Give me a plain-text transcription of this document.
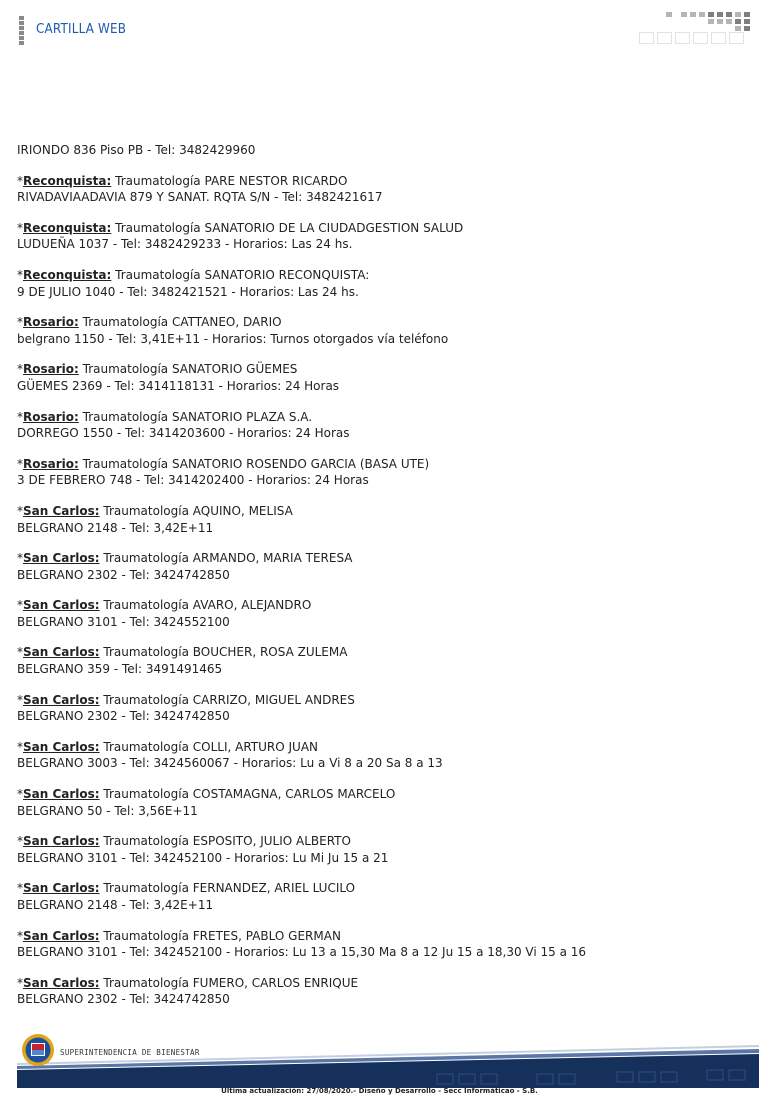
CARTILLA WEB
IRIONDO 836 Piso PB - Tel: 3482429960
*Reconquista: Traumatología PARE NESTOR RICARDO
RIVADAVIAADAVIA 879 Y SANAT. RQTA S/N - Tel: 3482421617
*Reconquista: Traumatología SANATORIO DE LA CIUDADGESTION SALUD
LUDUEÑA 1037 - Tel: 3482429233 - Horarios: Las 24 hs.
*Reconquista: Traumatología SANATORIO RECONQUISTA:
9 DE JULIO 1040 - Tel: 3482421521 - Horarios: Las 24 hs.
*Rosario: Traumatología CATTANEO, DARIO
belgrano 1150 - Tel: 3,41E+11 - Horarios: Turnos otorgados vía teléfono
*Rosario: Traumatología SANATORIO GÜEMES
GÜEMES 2369 - Tel: 3414118131 - Horarios: 24 Horas
*Rosario: Traumatología SANATORIO PLAZA S.A.
DORREGO 1550 - Tel: 3414203600 - Horarios: 24 Horas
*Rosario: Traumatología SANATORIO ROSENDO GARCIA (BASA UTE)
3 DE FEBRERO 748 - Tel: 3414202400 - Horarios: 24 Horas
*San Carlos: Traumatología AQUINO, MELISA
BELGRANO 2148 - Tel: 3,42E+11
*San Carlos: Traumatología ARMANDO, MARIA TERESA
BELGRANO 2302 - Tel: 3424742850
*San Carlos: Traumatología AVARO, ALEJANDRO
BELGRANO 3101 - Tel: 3424552100
*San Carlos: Traumatología BOUCHER, ROSA ZULEMA
BELGRANO 359 - Tel: 3491491465
*San Carlos: Traumatología CARRIZO, MIGUEL ANDRES
BELGRANO 2302 - Tel: 3424742850
*San Carlos: Traumatología COLLI, ARTURO JUAN
BELGRANO 3003 - Tel: 3424560067 - Horarios: Lu a Vi 8 a 20 Sa 8 a 13
*San Carlos: Traumatología COSTAMAGNA, CARLOS MARCELO
BELGRANO 50 - Tel: 3,56E+11
*San Carlos: Traumatología ESPOSITO, JULIO ALBERTO
BELGRANO 3101 - Tel: 342452100 - Horarios: Lu Mi Ju 15 a 21
*San Carlos: Traumatología FERNANDEZ, ARIEL LUCILO
BELGRANO 2148 - Tel: 3,42E+11
*San Carlos: Traumatología FRETES, PABLO GERMAN
BELGRANO 3101 - Tel: 342452100 - Horarios: Lu 13 a 15,30 Ma 8 a 12 Ju 15 a 18,30 Vi 15 a 16
*San Carlos: Traumatología FUMERO, CARLOS ENRIQUE
BELGRANO 2302 - Tel: 3424742850
SUPERINTENDENCIA DE BIENESTAR
Última actualización: 27/08/2020.- Diseño y Desarrollo - Secc Informáticao - S.B.
